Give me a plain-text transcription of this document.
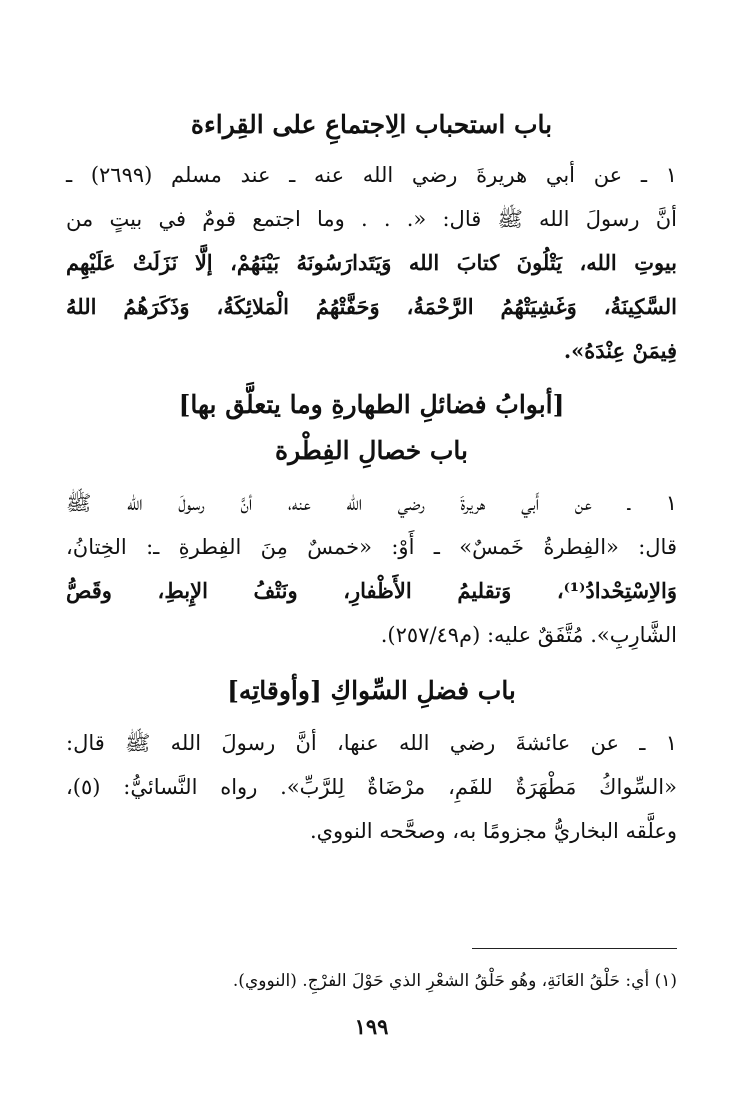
باب استحباب الِاجتماعِ على القِراءة

١ ـ عن أبي هريرةَ رضي الله عنه ـ عند مسلم (٢٦٩٩) ـ
أنَّ رسولَ الله ﷺ قال: «. . . وما اجتمع قومٌ في بيتٍ من
بيوتِ الله، يَتْلُونَ كتابَ الله وَيَتَدارَسُونَهُ بَيْنَهُمْ، إلَّا نَزَلَتْ عَلَيْهِم
السَّكِينَةُ، وَغَشِيَتْهُمُ الرَّحْمَةُ، وَحَفَّتْهُمُ الْمَلائِكَةُ، وَذَكَرَهُمُ اللهُ
فِيمَنْ عِنْدَهُ».

[أبوابُ فضائلِ الطهارةِ وما يتعلَّق بها]
باب خصالِ الفِطْرة

١ ـ عن أَبي هريرةَ رضي الله عنه، أنَّ رسولَ الله ﷺ
قال: «الفِطرةُ خَمسٌ» ـ أَوْ: «خمسٌ مِنَ الفِطرةِ ـ: الخِتانُ،
وَالاِسْتِحْدادُ⁽¹⁾، وَتقليمُ الأَظْفارِ، ونَتْفُ الإِبطِ، وقَصُّ
الشَّارِبِ». مُتَّفَقٌ عليه: (م٢٥٧/٤٩).

باب فضلِ السِّواكِ [وأوقاتِه]

١ ـ عن عائشةَ رضي الله عنها، أنَّ رسولَ الله ﷺ قال:
«السِّواكُ مَطْهَرَةٌ للفَمِ، مرْضَاةٌ لِلرَّبِّ». رواه النَّسائيُّ: (٥)،
وعلَّقه البخاريُّ مجزومًا به، وصحَّحه النووي.

(١) أي: حَلْقُ العَانَةِ، وهُو حَلْقُ الشعْرِ الذي حَوْلَ الفرْجِ. (النووي).

١٩٩
